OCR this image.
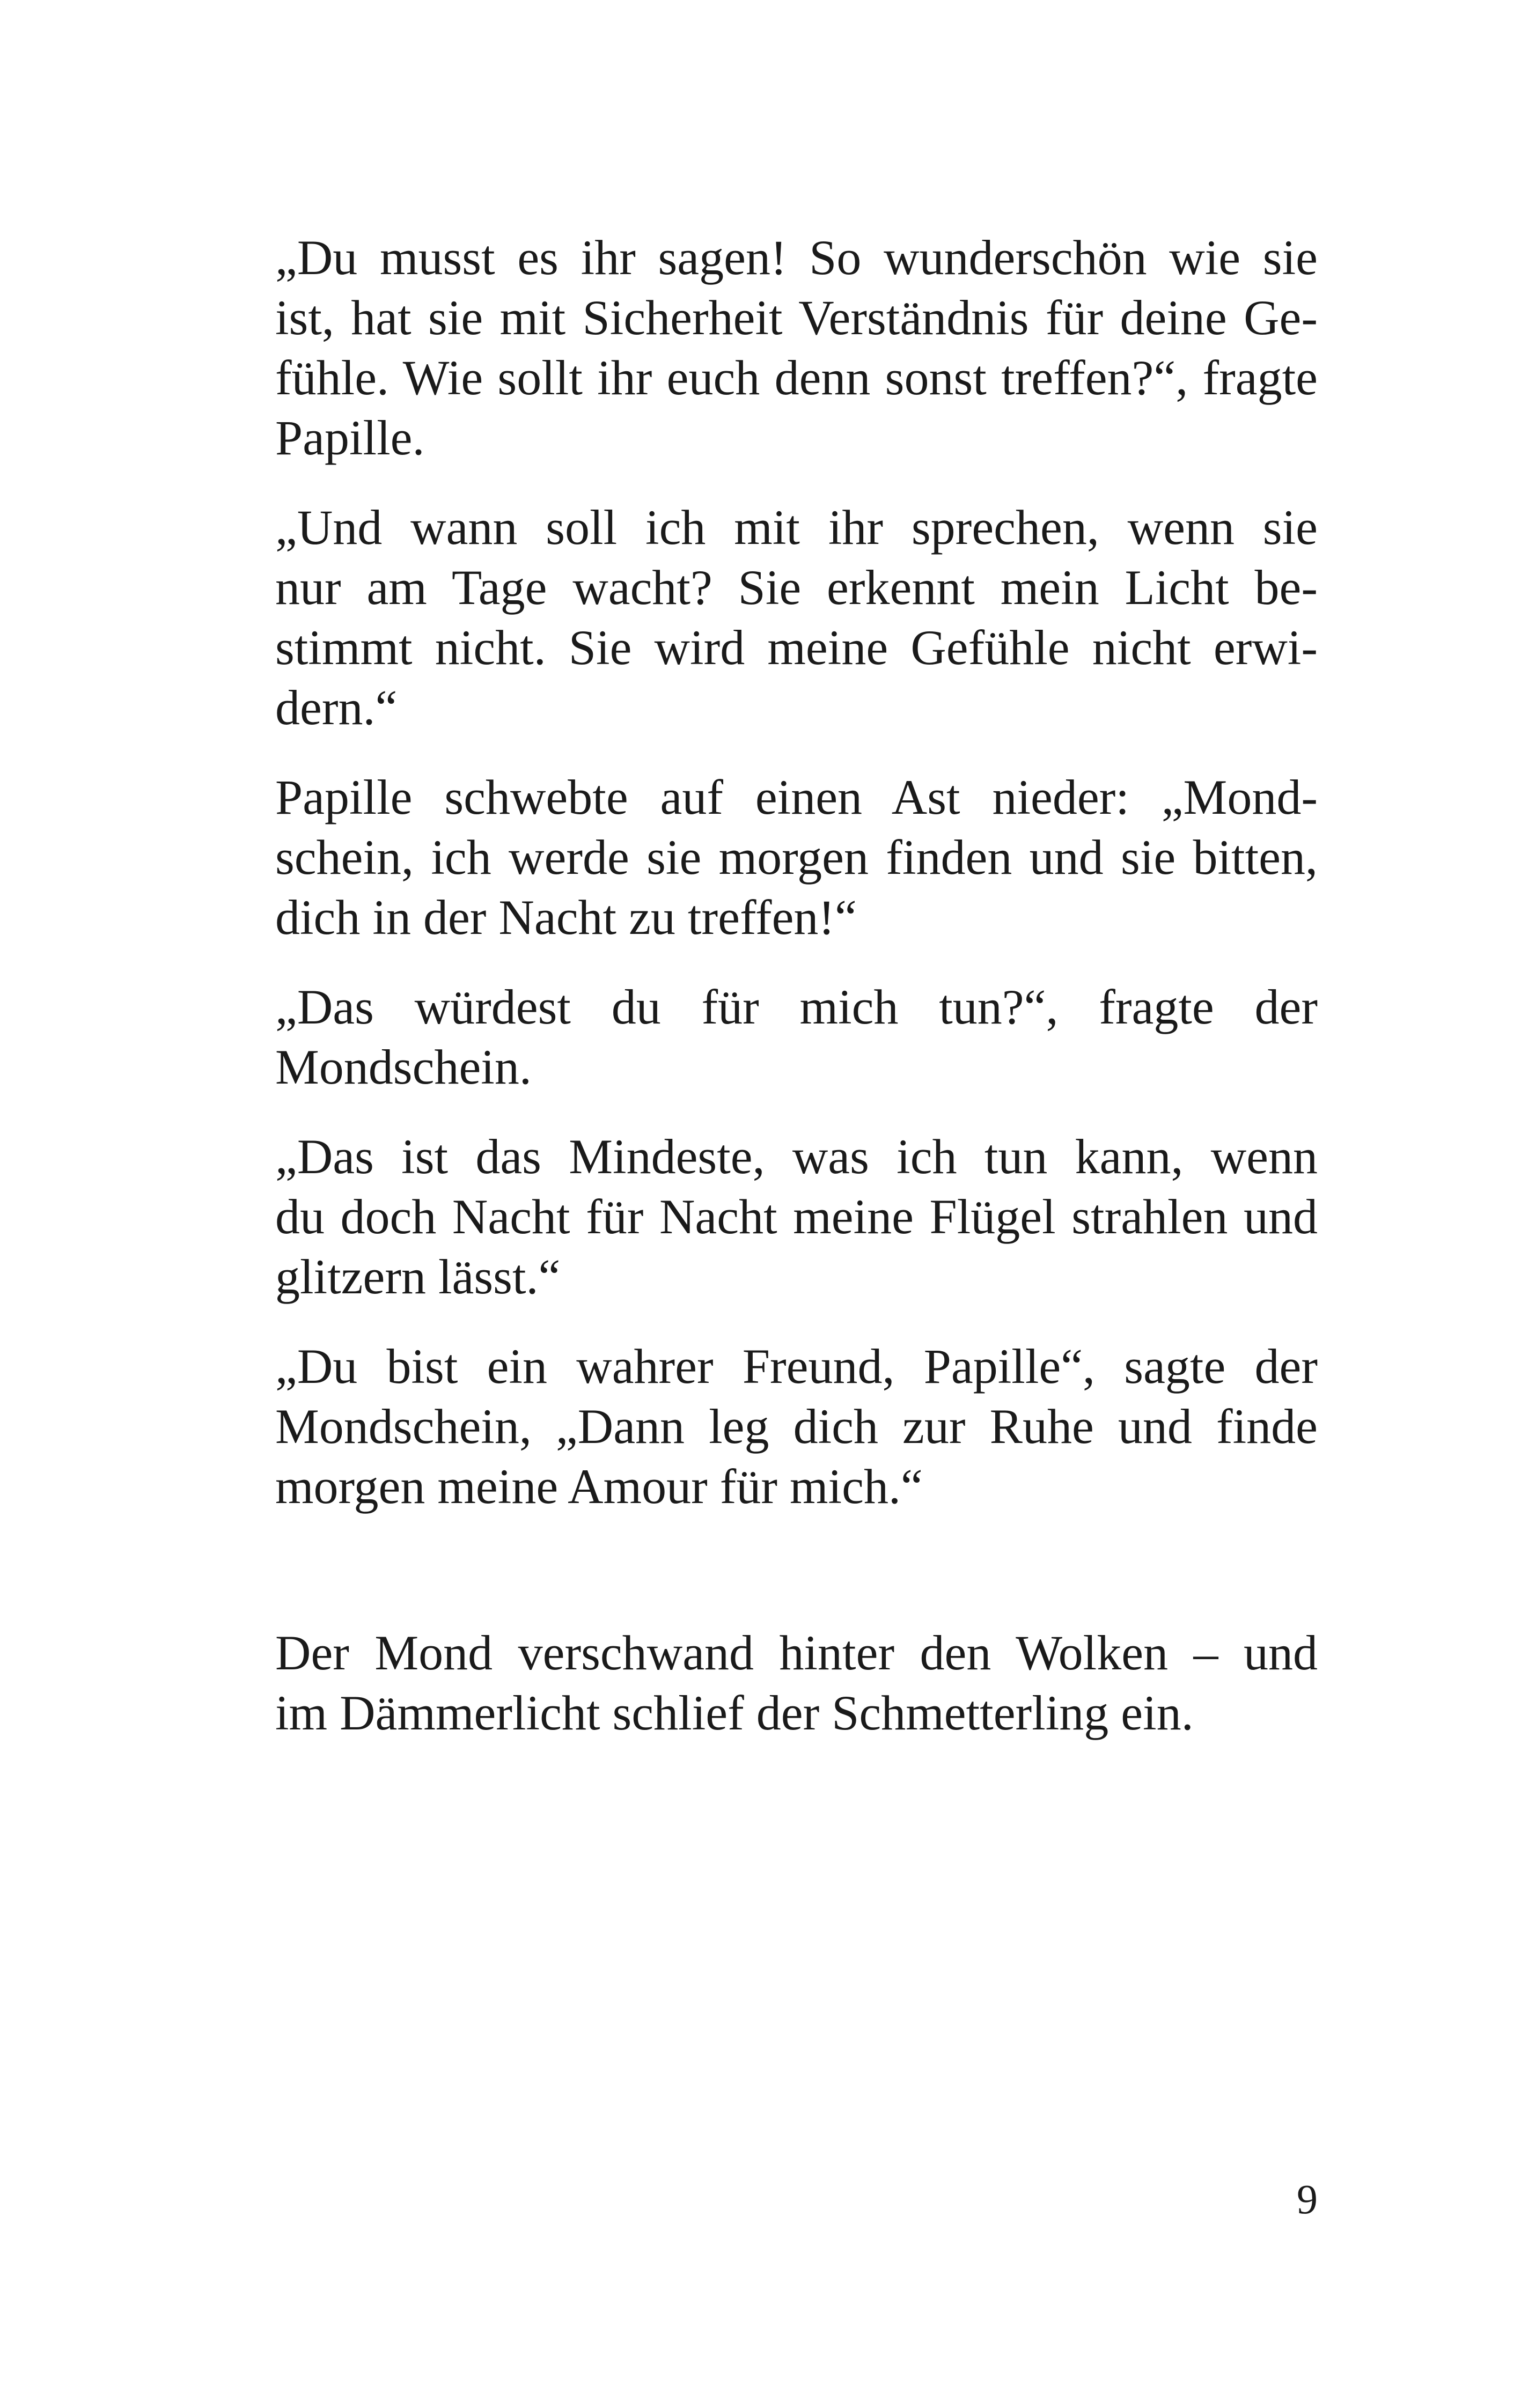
„Du musst es ihr sagen! So wunderschön wie sie
ist, hat sie mit Sicherheit Verständnis für deine Ge-
fühle. Wie sollt ihr euch denn sonst treffen?“, fragte
Papille.

„Und wann soll ich mit ihr sprechen, wenn sie
nur am Tage wacht? Sie erkennt mein Licht be-
stimmt nicht. Sie wird meine Gefühle nicht erwi-
dern.“

Papille schwebte auf einen Ast nieder: „Mond-
schein, ich werde sie morgen finden und sie bitten,
dich in der Nacht zu treffen!“

„Das würdest du für mich tun?“, fragte der
Mondschein.

„Das ist das Mindeste, was ich tun kann, wenn
du doch Nacht für Nacht meine Flügel strahlen und
glitzern lässt.“

„Du bist ein wahrer Freund, Papille“, sagte der
Mondschein, „Dann leg dich zur Ruhe und finde
morgen meine Amour für mich.“

Der Mond verschwand hinter den Wolken – und
im Dämmerlicht schlief der Schmetterling ein.

9
